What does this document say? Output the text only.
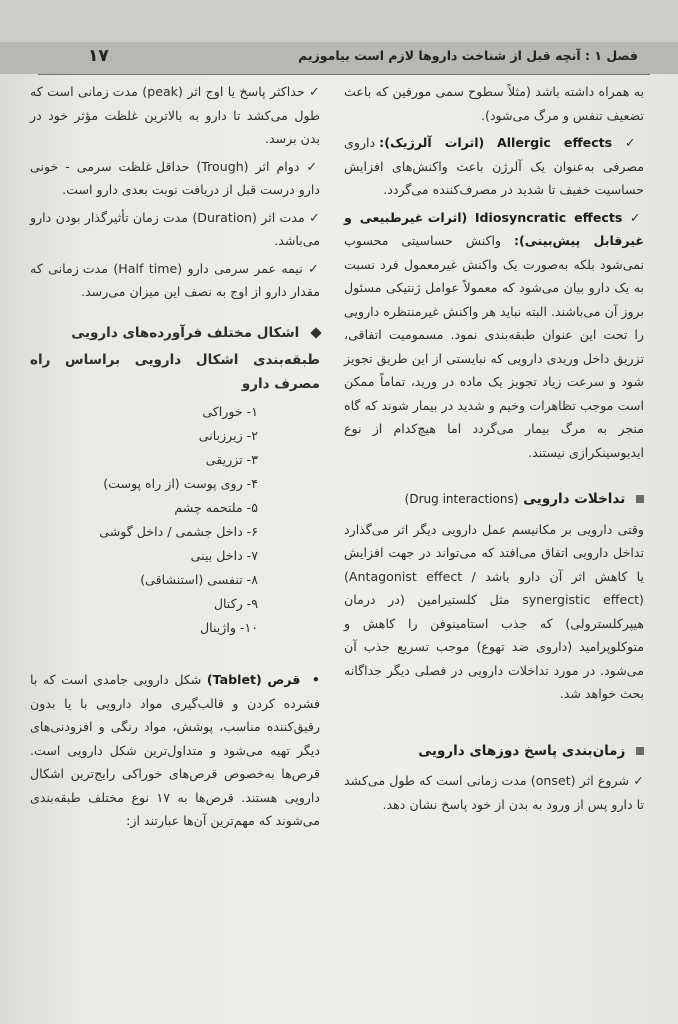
١٧	فصل ۱ : آنچه قبل از شناخت داروها لازم است بیاموزیم

به همراه داشته باشد (مثلاً سطوح سمی مورفین که باعث تضعیف تنفس و مرگ می‌شود).

✓ Allergic effects (اثرات آلرژیک): داروی مصرفی به‌عنوان یک آلرژن باعث واکنش‌های افزایش حساسیت خفیف تا شدید در مصرف‌کننده می‌گردد.

✓ Idiosyncratic effects (اثرات غیرطبیعی و غیرقابل پیش‌بینی): واکنش حساسیتی محسوب نمی‌شود بلکه به‌صورت یک واکنش غیرمعمول فرد نسبت به یک دارو بیان می‌شود که معمولاً عوامل ژنتیکی مسئول بروز آن می‌باشند. البته نباید هر واکنش غیرمنتظره دارویی را تحت این عنوان طبقه‌بندی نمود. مسمومیت اتفاقی، تزریق داخل وریدی دارویی که نبایستی از این طریق تجویز شود و سرعت زیاد تجویز یک ماده در ورید، تماماً ممکن است موجب تظاهرات وخیم و شدید در بیمار شوند که گاه منجر به مرگ بیمار می‌گردد اما هیچ‌کدام از نوع ایدیوسینکرازی نیستند.

تداخلات دارویی (Drug interactions)

وقتی دارویی بر مکانیسم عمل دارویی دیگر اثر می‌گذارد تداخل دارویی اتفاق می‌افتد که می‌تواند در جهت افزایش یا کاهش اثر آن دارو باشد (Antagonist effect / synergistic effect) مثل کلستیرامین (در درمان هیپرکلسترولی) که جذب استامینوفن را کاهش و متوکلوپرامید (داروی ضد تهوع) موجب تسریع جذب آن می‌شود. در مورد تداخلات دارویی در فصلی دیگر جداگانه بحث خواهد شد.

زمان‌بندی پاسخ دوزهای دارویی

✓ شروع اثر (onset) مدت زمانی است که طول می‌کشد تا دارو پس از ورود به بدن از خود پاسخ نشان دهد.

✓ حداکثر پاسخ یا اوج اثر (peak) مدت زمانی است که طول می‌کشد تا دارو به بالاترین غلظت مؤثر خود در بدن برسد.

✓ دوام اثر (Trough) حداقل غلظت سرمی - خونی دارو درست قبل از دریافت نوبت بعدی دارو است.

✓ مدت اثر (Duration) مدت زمان تأثیرگذار بودن دارو می‌باشد.

✓ نیمه عمر سرمی دارو (Half time) مدت زمانی که مقدار دارو از اوج به نصف این میزان می‌رسد.

اشکال مختلف فرآورده‌های دارویی
طبقه‌بندی اشکال دارویی براساس راه مصرف دارو
۱- خوراکی
۲- زیرزبانی
۳- تزریقی
۴- روی پوست (از راه پوست)
۵- ملتحمه چشم
۶- داخل جشمی / داخل گوشی
۷- داخل بینی
۸- تنفسی (استنشاقی)
۹- رکتال
۱۰- واژینال

• قرص (Tablet) شکل دارویی جامدی است که با فشرده کردن و قالب‌گیری مواد دارویی با یا بدون رقیق‌کننده مناسب، پوشش، مواد رنگی و افزودنی‌های دیگر تهیه می‌شود و متداول‌ترین شکل دارویی است. قرص‌ها به‌خصوص قرص‌های خوراکی رایج‌ترین اشکال دارویی هستند. قرص‌ها به ۱۷ نوع مختلف طبقه‌بندی می‌شوند که مهم‌ترین آن‌ها عبارتند از:
